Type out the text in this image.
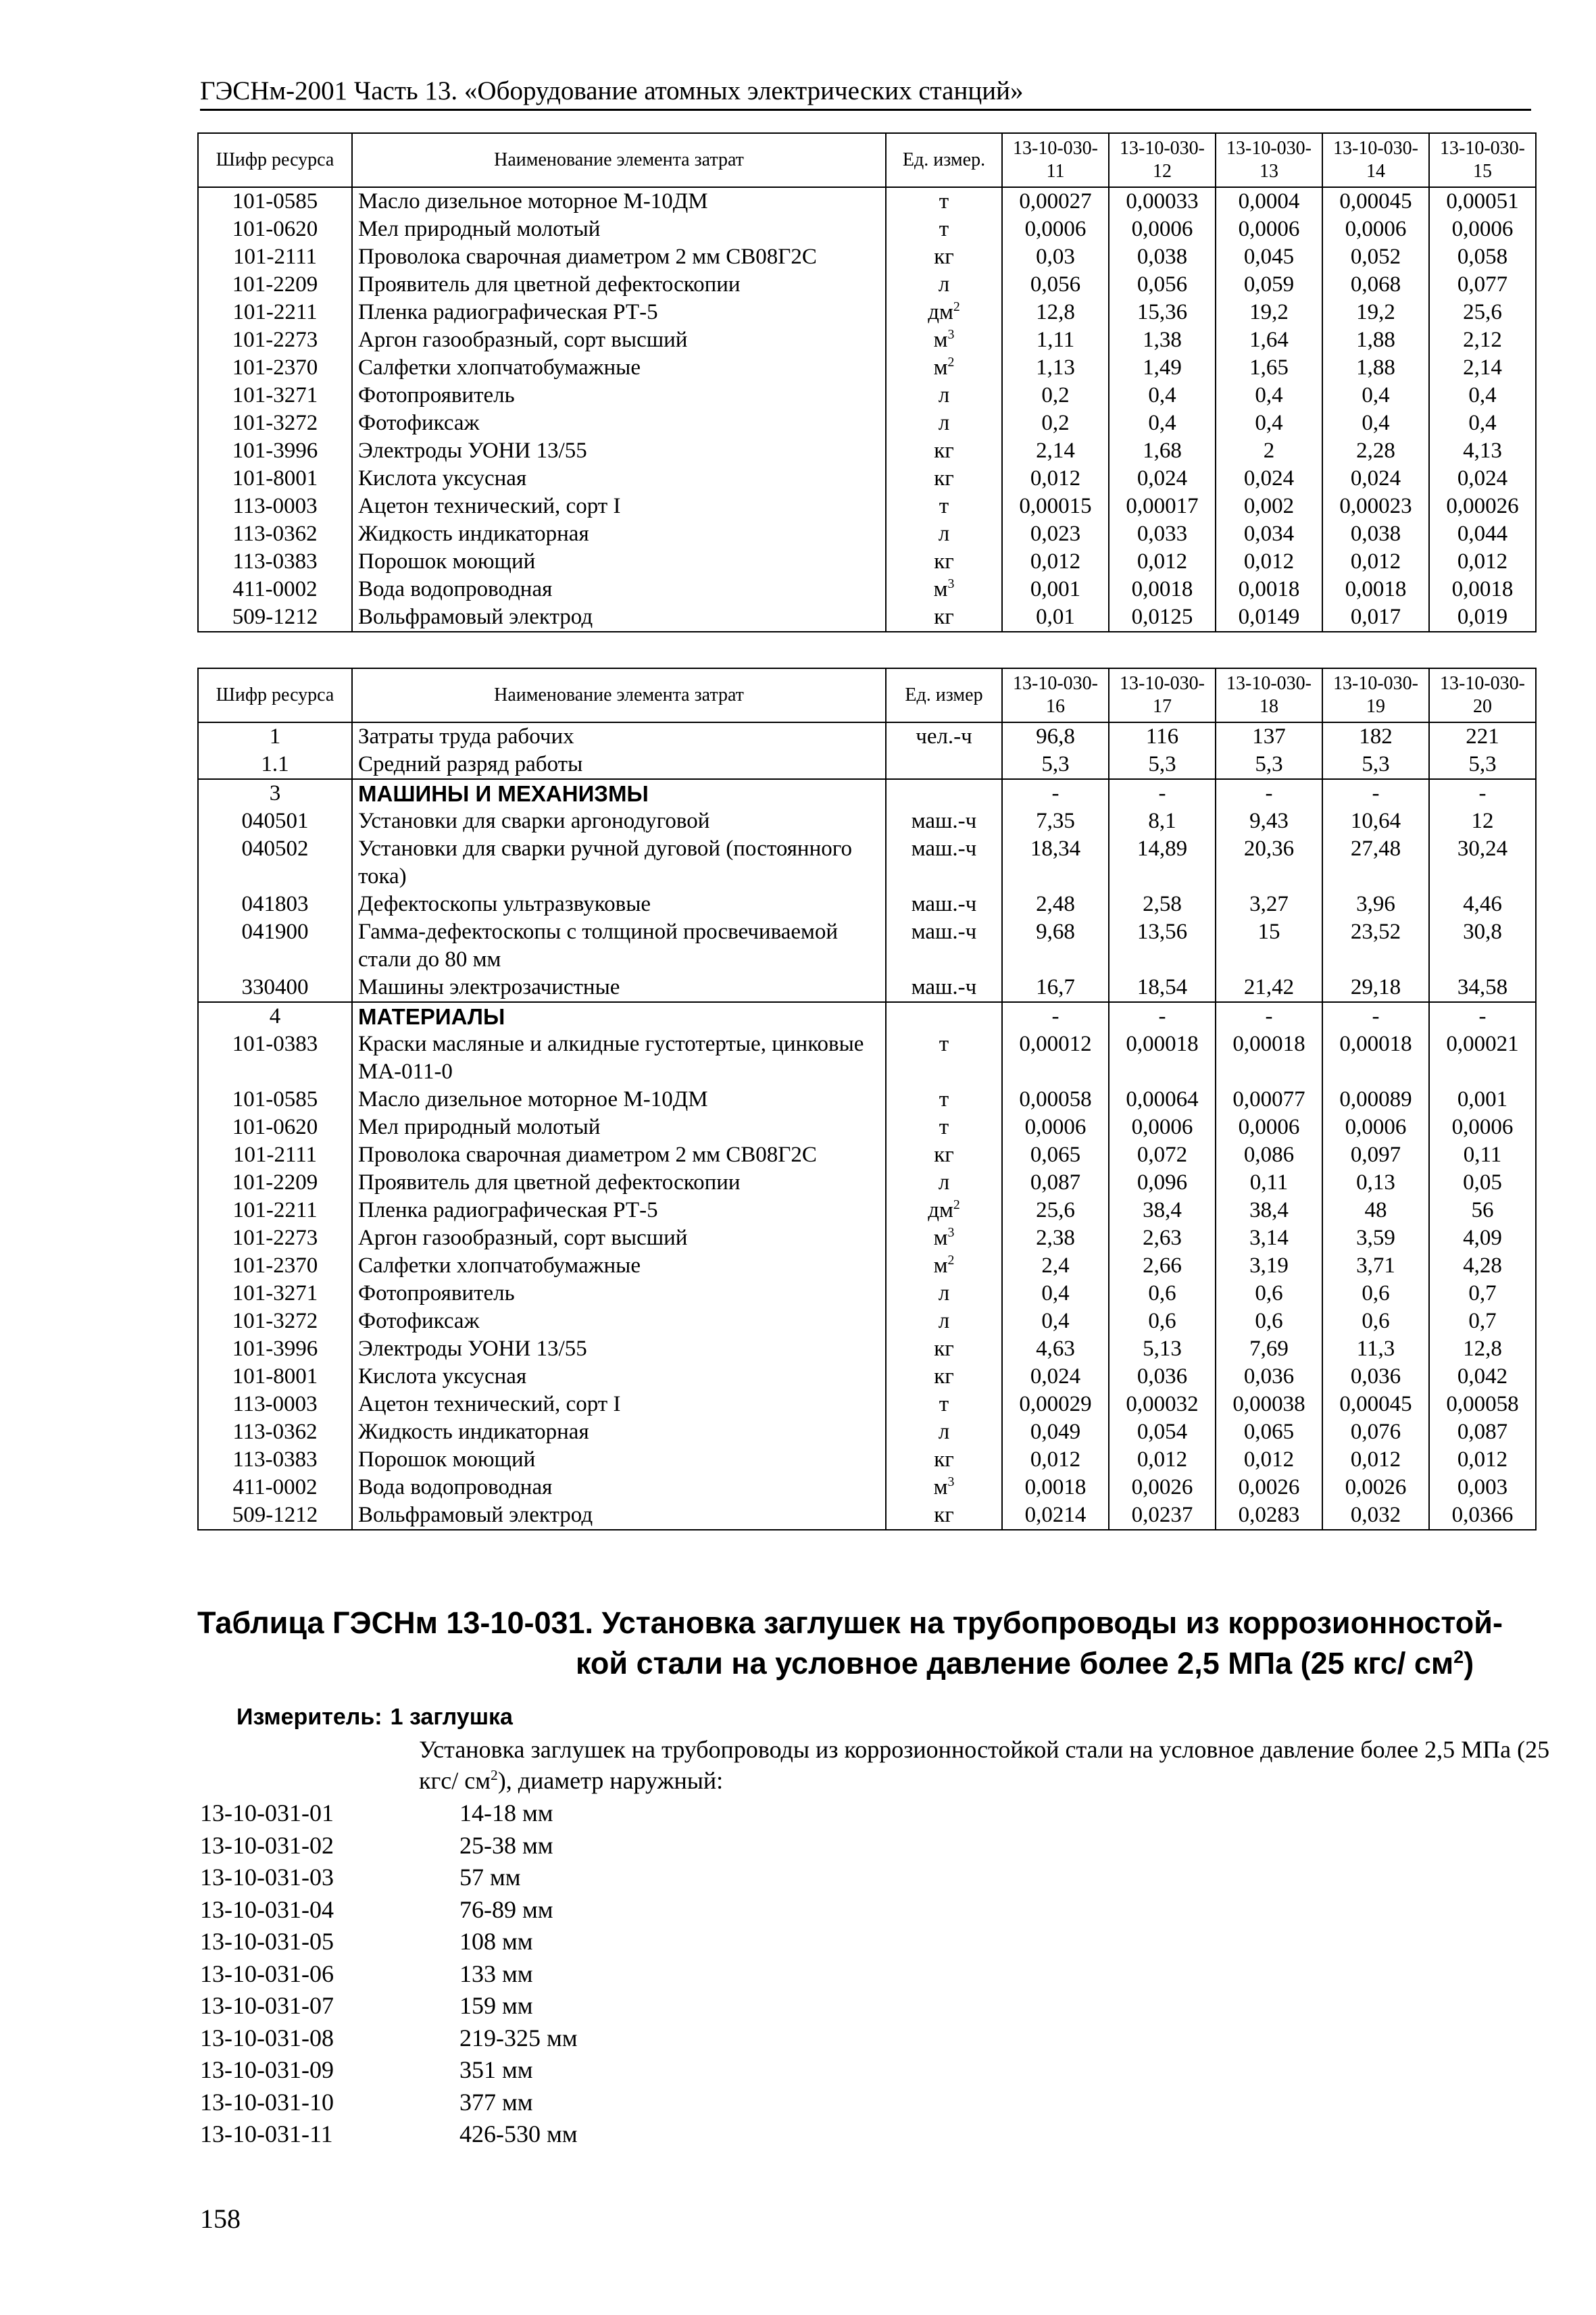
ГЭСНм-2001 Часть 13. «Оборудование атомных электрических станций»
Шифр ресурса	Наименование элемента затрат	Ед. измер.	13-10-030-11	13-10-030-12	13-10-030-13	13-10-030-14	13-10-030-15
101-0585	Масло дизельное моторное М-10ДМ	т	0,00027	0,00033	0,0004	0,00045	0,00051
101-0620	Мел природный молотый	т	0,0006	0,0006	0,0006	0,0006	0,0006
101-2111	Проволока сварочная диаметром 2 мм СВ08Г2С	кг	0,03	0,038	0,045	0,052	0,058
101-2209	Проявитель для цветной дефектоскопии	л	0,056	0,056	0,059	0,068	0,077
101-2211	Пленка радиографическая РТ-5	$дм^2$	12,8	15,36	19,2	19,2	25,6
101-2273	Аргон газообразный, сорт высший	$м^3$	1,11	1,38	1,64	1,88	2,12
101-2370	Салфетки хлопчатобумажные	$м^2$	1,13	1,49	1,65	1,88	2,14
101-3271	Фотопроявитель	л	0,2	0,4	0,4	0,4	0,4
101-3272	Фотофиксаж	л	0,2	0,4	0,4	0,4	0,4
101-3996	Электроды УОНИ 13/55	кг	2,14	1,68	2	2,28	4,13
101-8001	Кислота уксусная	кг	0,012	0,024	0,024	0,024	0,024
113-0003	Ацетон технический, сорт I	т	0,00015	0,00017	0,002	0,00023	0,00026
113-0362	Жидкость индикаторная	л	0,023	0,033	0,034	0,038	0,044
113-0383	Порошок моющий	кг	0,012	0,012	0,012	0,012	0,012
411-0002	Вода водопроводная	$м^3$	0,001	0,0018	0,0018	0,0018	0,0018
509-1212	Вольфрамовый электрод	кг	0,01	0,0125	0,0149	0,017	0,019
Шифр ресурса	Наименование элемента затрат	Ед. измер	13-10-030-16	13-10-030-17	13-10-030-18	13-10-030-19	13-10-030-20
1	Затраты труда рабочих	чел.-ч	96,8	116	137	182	221
1.1	Средний разряд работы		5,3	5,3	5,3	5,3	5,3
3	МАШИНЫ И МЕХАНИЗМЫ		-	-	-	-	-
040501	Установки для сварки аргонодуговой	маш.-ч	7,35	8,1	9,43	10,64	12
040502	Установки для сварки ручной дуговой (постоянного тока)	маш.-ч	18,34	14,89	20,36	27,48	30,24
041803	Дефектоскопы ультразвуковые	маш.-ч	2,48	2,58	3,27	3,96	4,46
041900	Гамма-дефектоскопы с толщиной просвечиваемой стали до 80 мм	маш.-ч	9,68	13,56	15	23,52	30,8
330400	Машины электрозачистные	маш.-ч	16,7	18,54	21,42	29,18	34,58
4	МАТЕРИАЛЫ		-	-	-	-	-
101-0383	Краски масляные и алкидные густотертые, цинковые МА-011-0	т	0,00012	0,00018	0,00018	0,00018	0,00021
101-0585	Масло дизельное моторное М-10ДМ	т	0,00058	0,00064	0,00077	0,00089	0,001
101-0620	Мел природный молотый	т	0,0006	0,0006	0,0006	0,0006	0,0006
101-2111	Проволока сварочная диаметром 2 мм СВ08Г2С	кг	0,065	0,072	0,086	0,097	0,11
101-2209	Проявитель для цветной дефектоскопии	л	0,087	0,096	0,11	0,13	0,05
101-2211	Пленка радиографическая РТ-5	$дм^2$	25,6	38,4	38,4	48	56
101-2273	Аргон газообразный, сорт высший	$м^3$	2,38	2,63	3,14	3,59	4,09
101-2370	Салфетки хлопчатобумажные	$м^2$	2,4	2,66	3,19	3,71	4,28
101-3271	Фотопроявитель	л	0,4	0,6	0,6	0,6	0,7
101-3272	Фотофиксаж	л	0,4	0,6	0,6	0,6	0,7
101-3996	Электроды УОНИ 13/55	кг	4,63	5,13	7,69	11,3	12,8
101-8001	Кислота уксусная	кг	0,024	0,036	0,036	0,036	0,042
113-0003	Ацетон технический, сорт I	т	0,00029	0,00032	0,00038	0,00045	0,00058
113-0362	Жидкость индикаторная	л	0,049	0,054	0,065	0,076	0,087
113-0383	Порошок моющий	кг	0,012	0,012	0,012	0,012	0,012
411-0002	Вода водопроводная	$м^3$	0,0018	0,0026	0,0026	0,0026	0,003
509-1212	Вольфрамовый электрод	кг	0,0214	0,0237	0,0283	0,032	0,0366
Таблица ГЭСНм 13-10-031. Установка заглушек на трубопроводы из коррозионностой-
кой стали на условное давление более 2,5 МПа (25 кгс/ $см^2$)
Измеритель: 1 заглушка
Установка заглушек на трубопроводы из коррозионностойкой стали на условное давление более 2,5 МПа (25 кгс/ $см^2$), диаметр наружный:
13-10-031-01	14-18 мм
13-10-031-02	25-38 мм
13-10-031-03	57 мм
13-10-031-04	76-89 мм
13-10-031-05	108 мм
13-10-031-06	133 мм
13-10-031-07	159 мм
13-10-031-08	219-325 мм
13-10-031-09	351 мм
13-10-031-10	377 мм
13-10-031-11	426-530 мм
158
